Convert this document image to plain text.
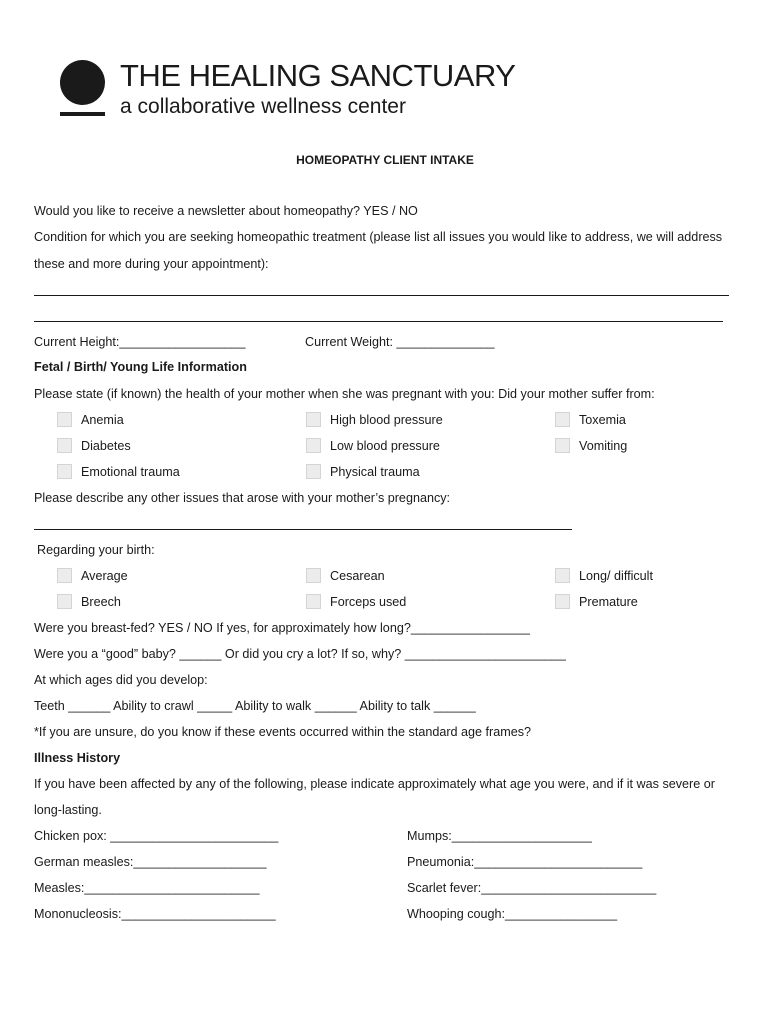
THE HEALING SANCTUARY
a collaborative wellness center
HOMEOPATHY CLIENT INTAKE
Would you like to receive a newsletter about homeopathy? YES / NO
Condition for which you are seeking homeopathic treatment (please list all issues you would like to address, we will address
these and more during your appointment):
Current Height:__________________	Current Weight: ______________
Fetal / Birth/ Young Life Information
Please state (if known) the health of your mother when she was pregnant with you: Did your mother suffer from:
Anemia	High blood pressure	Toxemia
Diabetes	Low blood pressure	Vomiting
Emotional trauma	Physical trauma
Please describe any other issues that arose with your mother’s pregnancy:
Regarding your birth:
Average	Cesarean	Long/ difficult
Breech	Forceps used	Premature
Were you breast-fed? YES / NO If yes, for approximately how long?_________________
Were you a “good” baby? ______ Or did you cry a lot? If so, why? _______________________
At which ages did you develop:
Teeth ______ Ability to crawl _____ Ability to walk ______ Ability to talk ______
*If you are unsure, do you know if these events occurred within the standard age frames?
Illness History
If you have been affected by any of the following, please indicate approximately what age you were, and if it was severe or
long-lasting.
Chicken pox: ________________________	Mumps:____________________
German measles:___________________	Pneumonia:________________________
Measles:_________________________	Scarlet fever:_________________________
Mononucleosis:______________________	Whooping cough:________________
